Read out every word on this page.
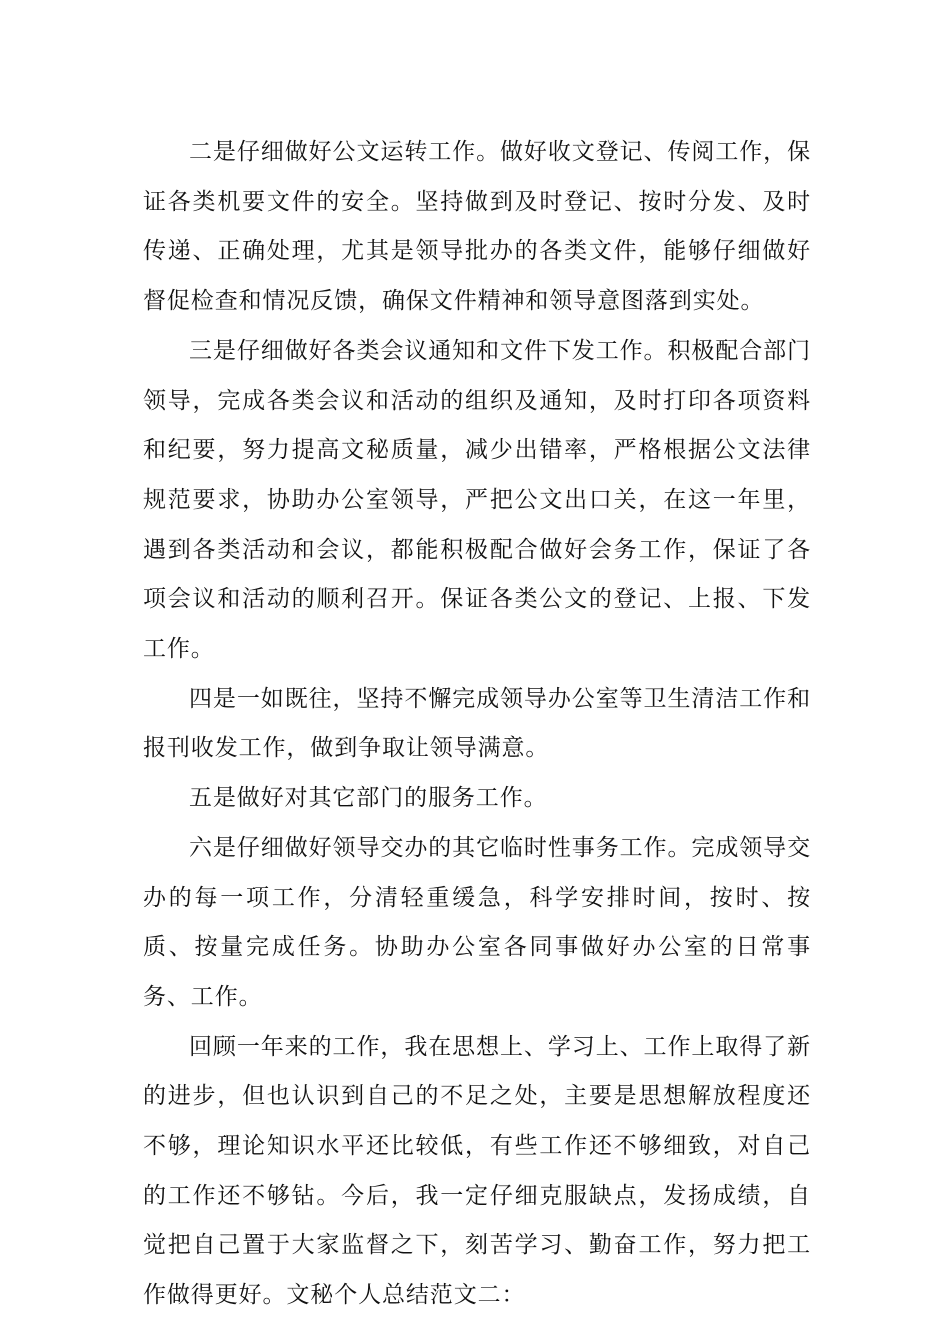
二是仔细做好公文运转工作。做好收文登记、传阅工作，保证各类机要文件的安全。坚持做到及时登记、按时分发、及时传递、正确处理，尤其是领导批办的各类文件，能够仔细做好督促检查和情况反馈，确保文件精神和领导意图落到实处。

三是仔细做好各类会议通知和文件下发工作。积极配合部门领导，完成各类会议和活动的组织及通知，及时打印各项资料和纪要，努力提高文秘质量，减少出错率，严格根据公文法律规范要求，协助办公室领导，严把公文出口关，在这一年里，遇到各类活动和会议，都能积极配合做好会务工作，保证了各项会议和活动的顺利召开。保证各类公文的登记、上报、下发工作。

四是一如既往，坚持不懈完成领导办公室等卫生清洁工作和报刊收发工作，做到争取让领导满意。

五是做好对其它部门的服务工作。

六是仔细做好领导交办的其它临时性事务工作。完成领导交办的每一项工作，分清轻重缓急，科学安排时间，按时、按质、按量完成任务。协助办公室各同事做好办公室的日常事务、工作。

回顾一年来的工作，我在思想上、学习上、工作上取得了新的进步，但也认识到自己的不足之处，主要是思想解放程度还不够，理论知识水平还比较低，有些工作还不够细致，对自己的工作还不够钻。今后，我一定仔细克服缺点，发扬成绩，自觉把自己置于大家监督之下，刻苦学习、勤奋工作，努力把工作做得更好。文秘个人总结范文二：
